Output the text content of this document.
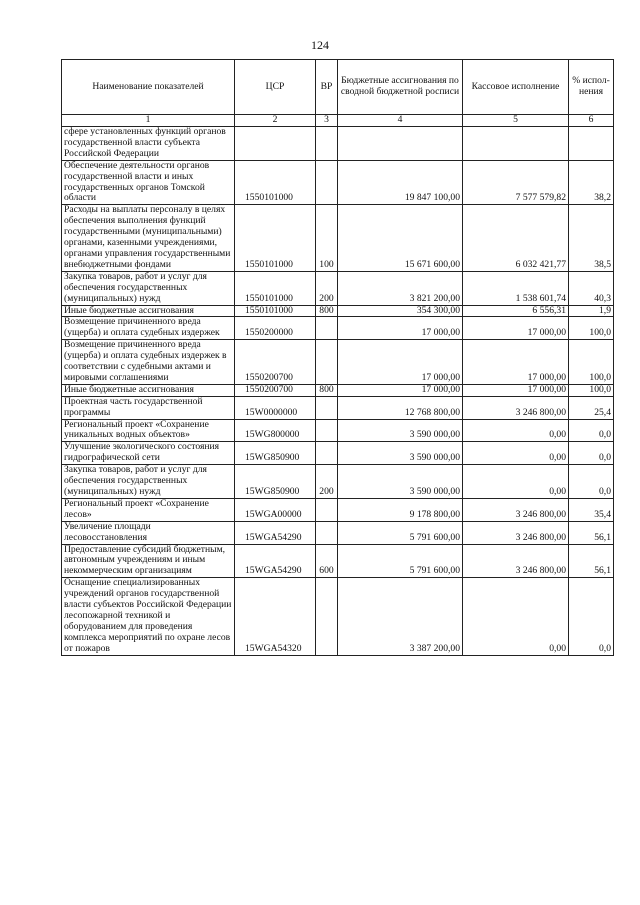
124
Наименование показателей	ЦСР	ВР	Бюджетные ассигнования по сводной бюджетной росписи	Кассовое исполнение	% испол-нения
1	2	3	4	5	6
сфере установленных функций органов государственной власти субъекта Российской Федерации					
Обеспечение деятельности органов государственной власти и иных государственных органов Томской области	1550101000		19 847 100,00	7 577 579,82	38,2
Расходы на выплаты персоналу в целях обеспечения выполнения функций государственными (муниципальными) органами, казенными учреждениями, органами управления государственными внебюджетными фондами	1550101000	100	15 671 600,00	6 032 421,77	38,5
Закупка товаров, работ и услуг для обеспечения государственных (муниципальных) нужд	1550101000	200	3 821 200,00	1 538 601,74	40,3
Иные бюджетные ассигнования	1550101000	800	354 300,00	6 556,31	1,9
Возмещение причиненного вреда (ущерба) и оплата судебных издержек	1550200000		17 000,00	17 000,00	100,0
Возмещение причиненного вреда (ущерба) и оплата судебных издержек в соответствии с судебными актами и мировыми соглашениями	1550200700		17 000,00	17 000,00	100,0
Иные бюджетные ассигнования	1550200700	800	17 000,00	17 000,00	100,0
Проектная часть государственной программы	15W0000000		12 768 800,00	3 246 800,00	25,4
Региональный проект «Сохранение уникальных водных объектов»	15WG800000		3 590 000,00	0,00	0,0
Улучшение экологического состояния гидрографической сети	15WG850900		3 590 000,00	0,00	0,0
Закупка товаров, работ и услуг для обеспечения государственных (муниципальных) нужд	15WG850900	200	3 590 000,00	0,00	0,0
Региональный проект «Сохранение лесов»	15WGA00000		9 178 800,00	3 246 800,00	35,4
Увеличение площади лесовосстановления	15WGA54290		5 791 600,00	3 246 800,00	56,1
Предоставление субсидий бюджетным, автономным учреждениям и иным некоммерческим организациям	15WGA54290	600	5 791 600,00	3 246 800,00	56,1
Оснащение специализированных учреждений органов государственной власти субъектов Российской Федерации лесопожарной техникой и оборудованием для проведения комплекса мероприятий по охране лесов от пожаров	15WGA54320		3 387 200,00	0,00	0,0
